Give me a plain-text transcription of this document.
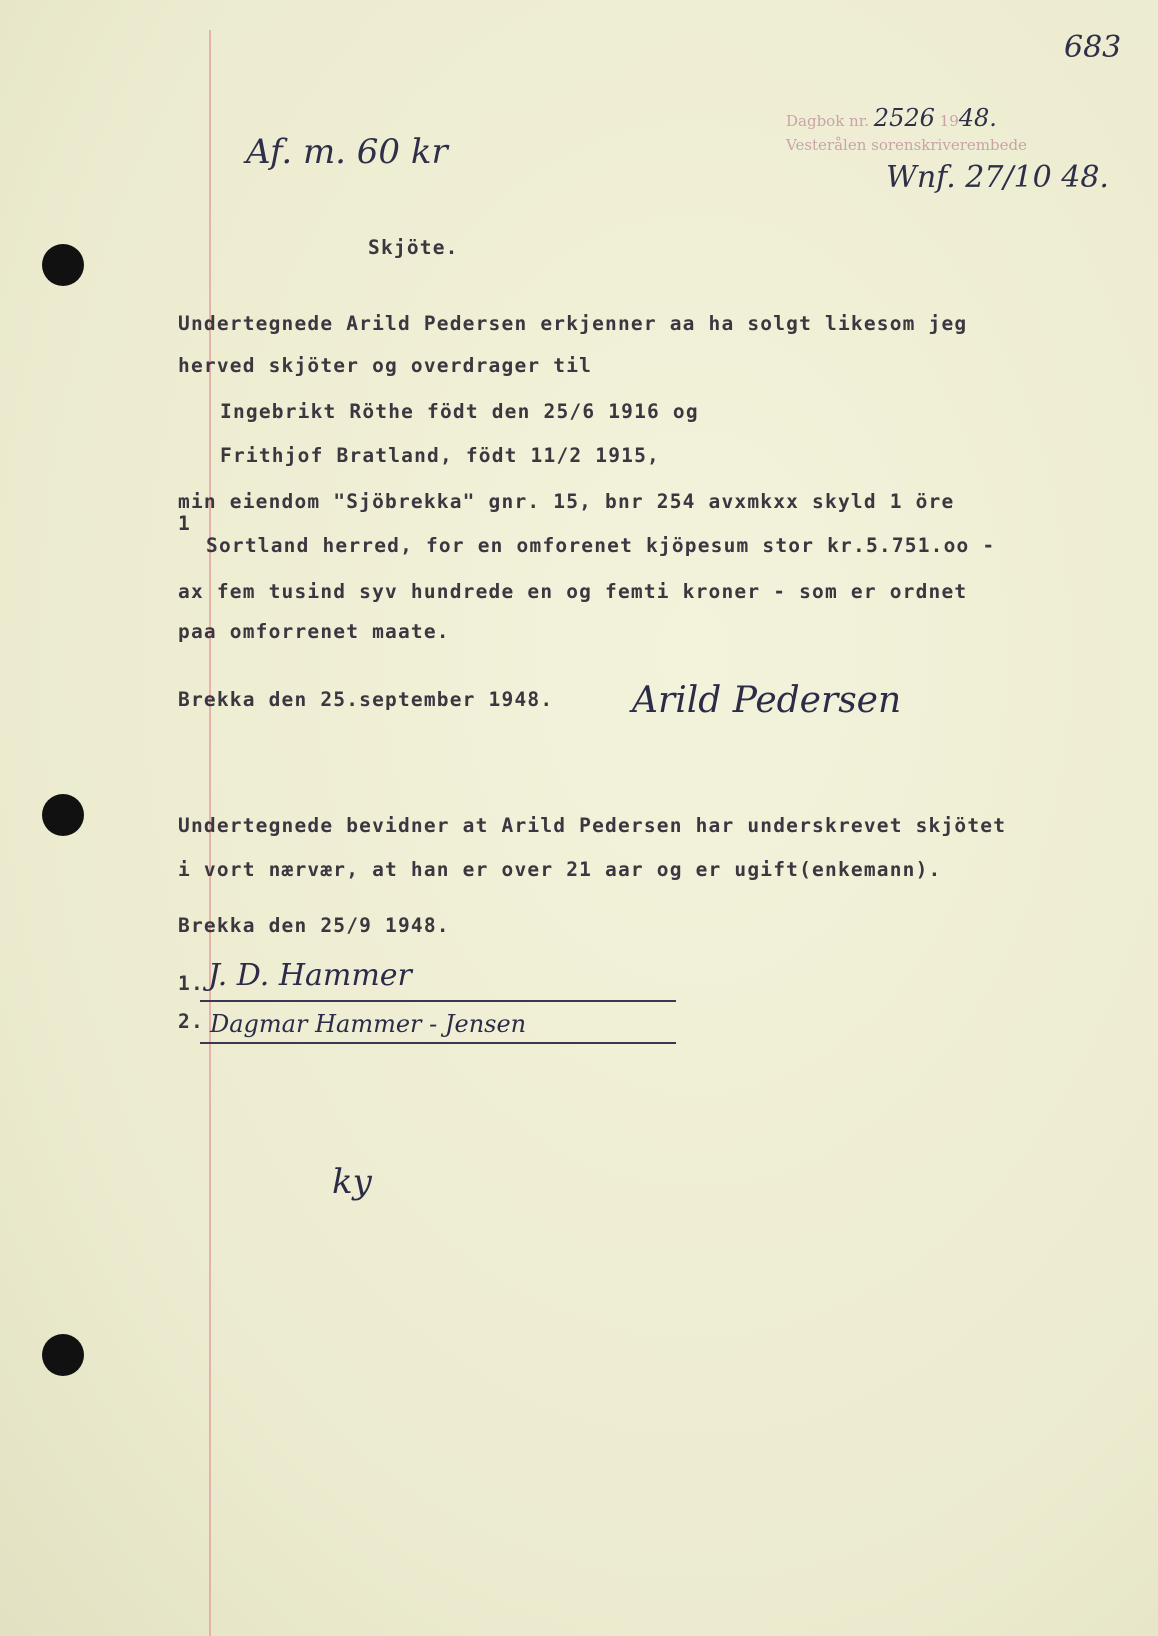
683
Dagbok nr. 2526 1948.
Vesterålen sorenskriverembede
Af. m. 60 kr
Wnf. 27/10 48.
Skjöte.
Undertegnede Arild Pedersen erkjenner aa ha solgt likesom jeg
herved skjöter og overdrager til
Ingebrikt Röthe födt den 25/6 1916 og
Frithjof Bratland, födt 11/2 1915,
min eiendom "Sjöbrekka" gnr. 15, bnr 254 avxmkxx skyld 1 öre
1
Sortland herred, for en omforenet kjöpesum stor kr.5.751.oo -
ax fem tusind syv hundrede en og femti kroner - som er ordnet
paa omforrenet maate.
Brekka den 25.september 1948. Arild Pedersen
Undertegnede bevidner at Arild Pedersen har underskrevet skjötet
i vort nærvær, at han er over 21 aar og er ugift(enkemann).
Brekka den 25/9 1948.
1. J. D. Hammer
2. Dagmar Hammer - Jensen
ky
